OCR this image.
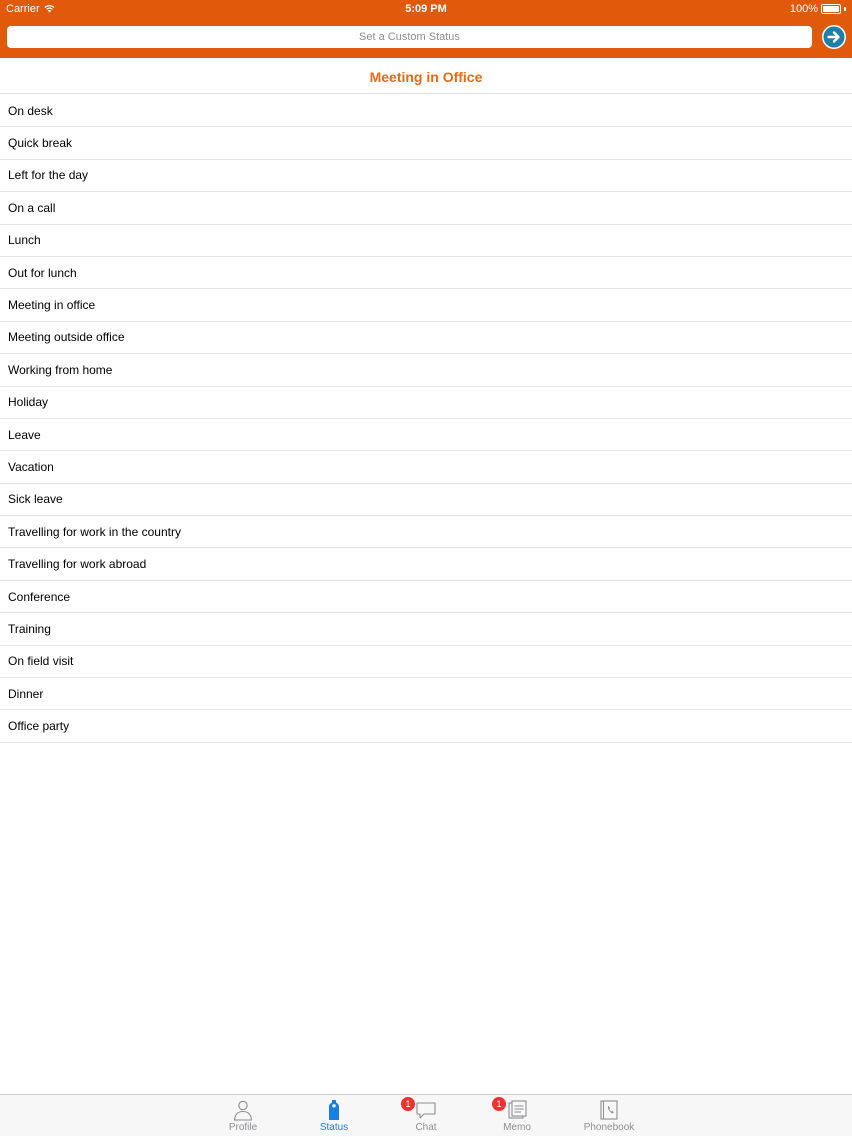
Carrier	5:09 PM	100%
Set a Custom Status
Meeting in Office
On desk
Quick break
Left for the day
On a call
Lunch
Out for lunch
Meeting in office
Meeting outside office
Working from home
Holiday
Leave
Vacation
Sick leave
Travelling for work in the country
Travelling for work abroad
Conference
Training
On field visit
Dinner
Office party
Profile	Status
1
Chat
1
Memo	Phonebook
